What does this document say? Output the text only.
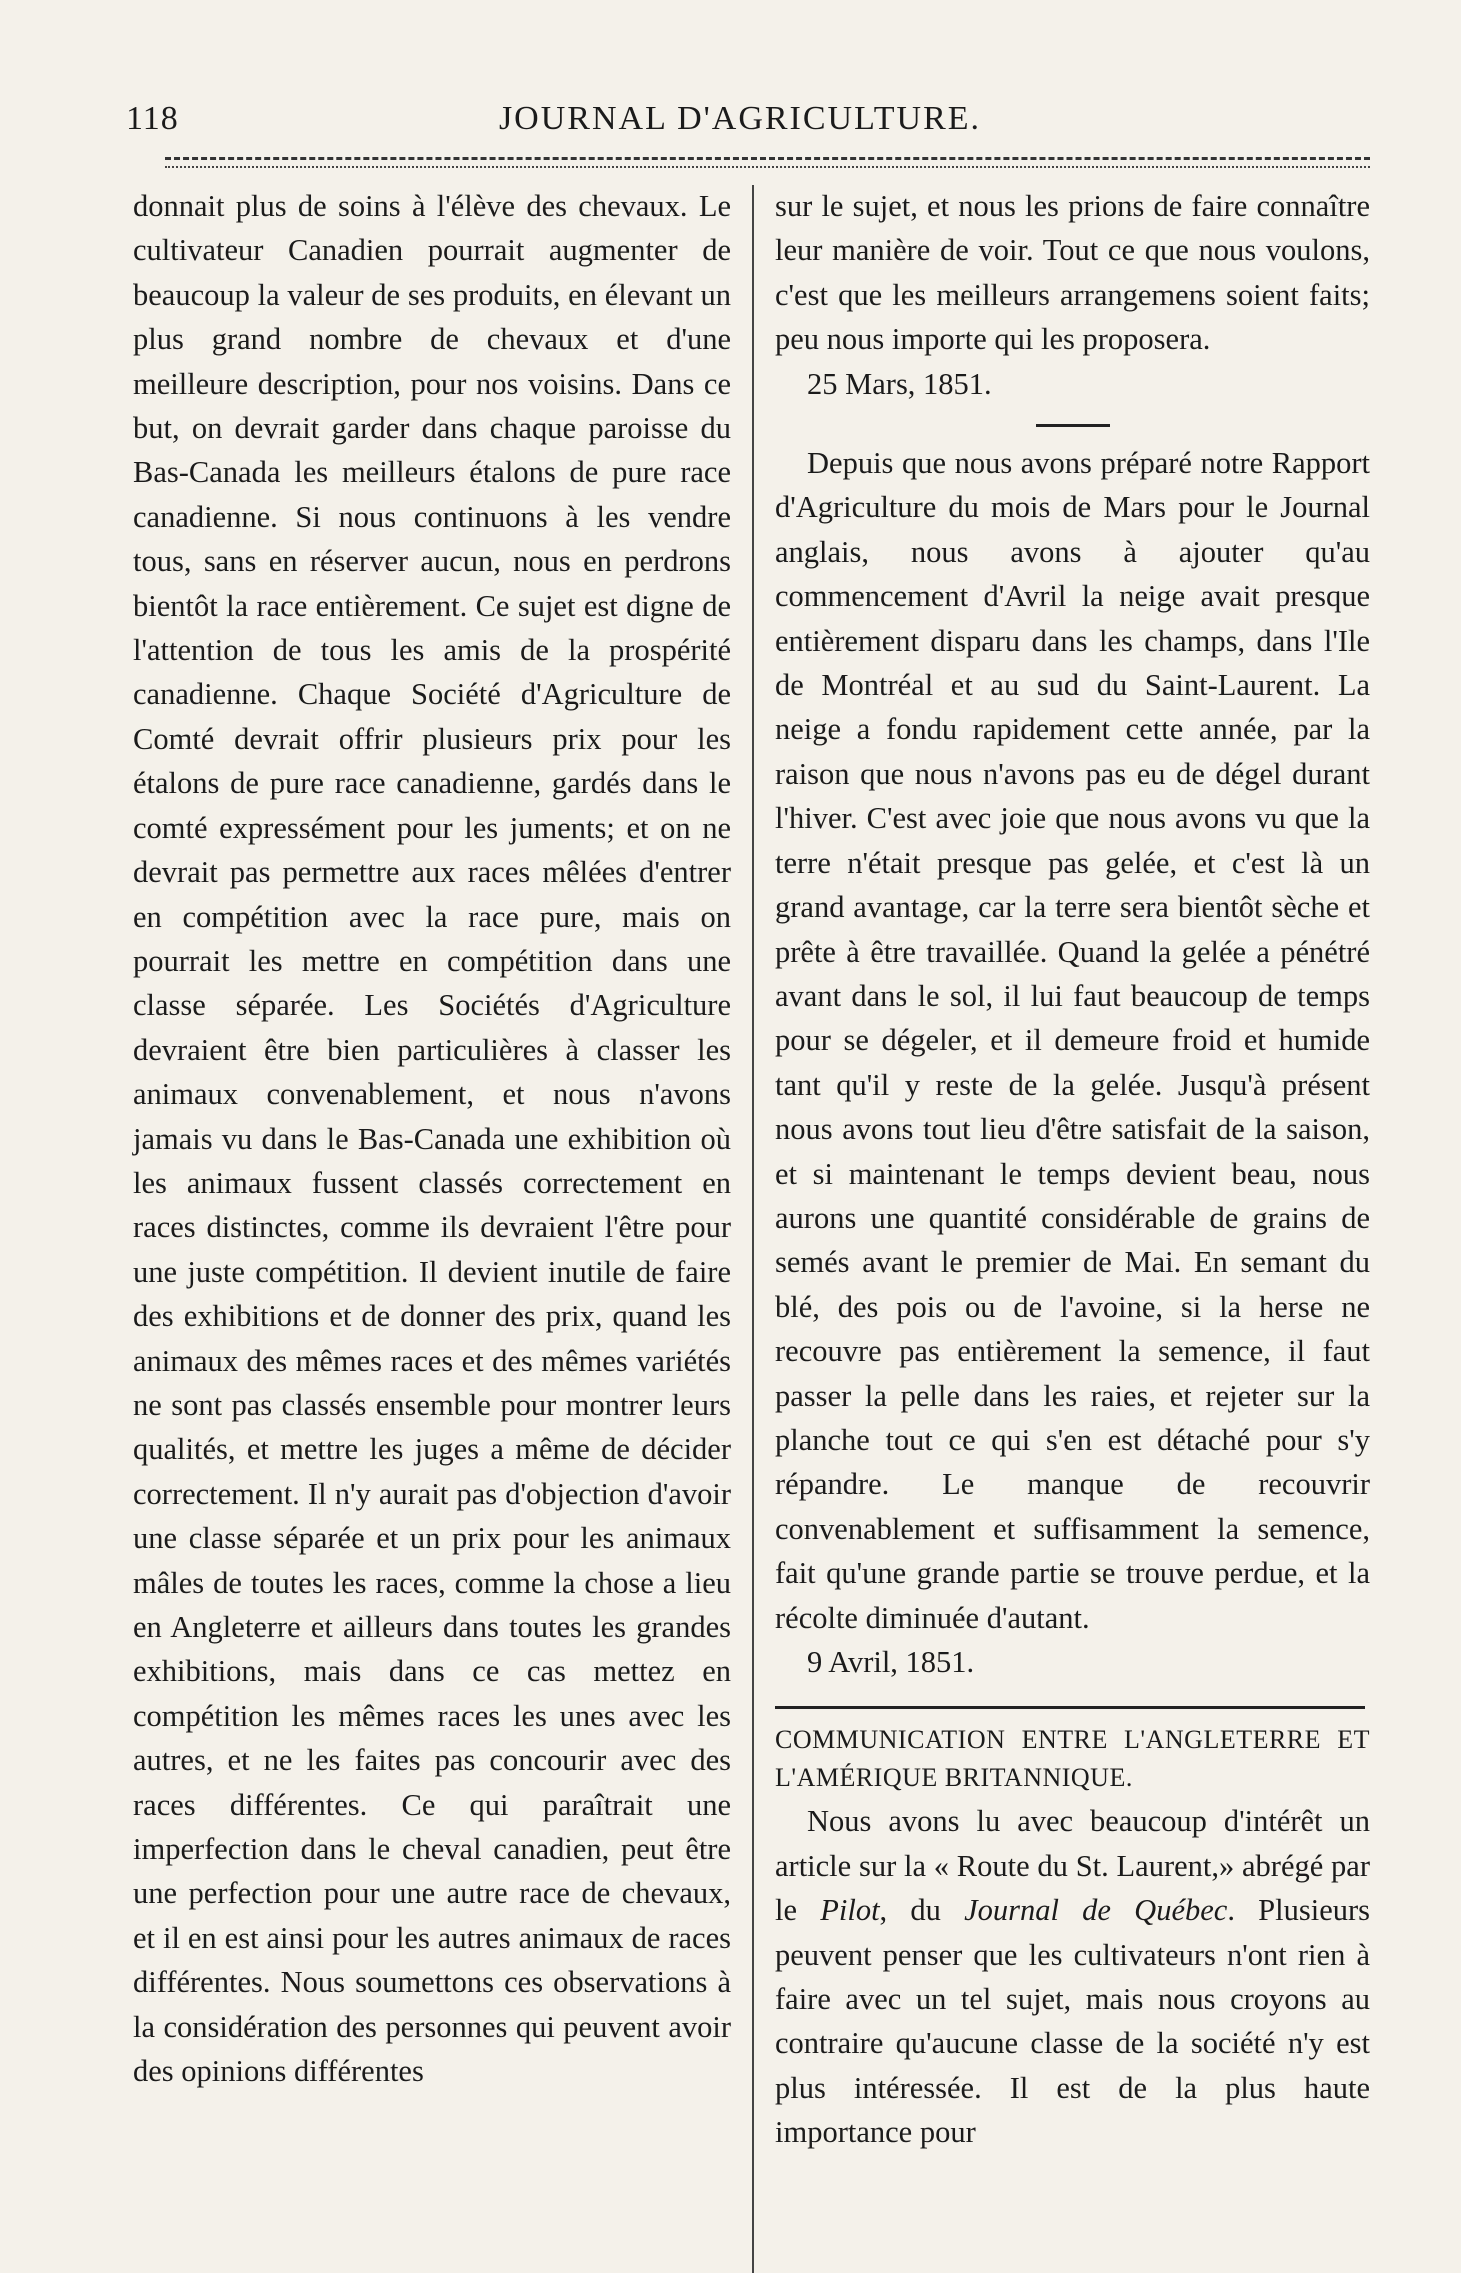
118	JOURNAL D'AGRICULTURE.

donnait plus de soins à l'élève des chevaux. Le cultivateur Canadien pourrait augmenter de beaucoup la valeur de ses produits, en élevant un plus grand nombre de chevaux et d'une meilleure description, pour nos voisins. Dans ce but, on devrait garder dans chaque paroisse du Bas-Canada les meilleurs étalons de pure race canadienne. Si nous continuons à les vendre tous, sans en réserver aucun, nous en perdrons bientôt la race entièrement. Ce sujet est digne de l'attention de tous les amis de la prospérité canadienne. Chaque Société d'Agriculture de Comté devrait offrir plusieurs prix pour les étalons de pure race canadienne, gardés dans le comté expressément pour les juments; et on ne devrait pas permettre aux races mêlées d'entrer en compétition avec la race pure, mais on pourrait les mettre en compétition dans une classe séparée. Les Sociétés d'Agriculture devraient être bien particulières à classer les animaux convenablement, et nous n'avons jamais vu dans le Bas-Canada une exhibition où les animaux fussent classés correctement en races distinctes, comme ils devraient l'être pour une juste compétition. Il devient inutile de faire des exhibitions et de donner des prix, quand les animaux des mêmes races et des mêmes variétés ne sont pas classés ensemble pour montrer leurs qualités, et mettre les juges a même de décider correctement. Il n'y aurait pas d'objection d'avoir une classe séparée et un prix pour les animaux mâles de toutes les races, comme la chose a lieu en Angleterre et ailleurs dans toutes les grandes exhibitions, mais dans ce cas mettez en compétition les mêmes races les unes avec les autres, et ne les faites pas concourir avec des races différentes. Ce qui paraîtrait une imperfection dans le cheval canadien, peut être une perfection pour une autre race de chevaux, et il en est ainsi pour les autres animaux de races différentes. Nous soumettons ces observations à la considération des personnes qui peuvent avoir des opinions différentes

sur le sujet, et nous les prions de faire connaître leur manière de voir. Tout ce que nous voulons, c'est que les meilleurs arrangemens soient faits; peu nous importe qui les proposera.

25 Mars, 1851.

Depuis que nous avons préparé notre Rapport d'Agriculture du mois de Mars pour le Journal anglais, nous avons à ajouter qu'au commencement d'Avril la neige avait presque entièrement disparu dans les champs, dans l'Ile de Montréal et au sud du Saint-Laurent. La neige a fondu rapidement cette année, par la raison que nous n'avons pas eu de dégel durant l'hiver. C'est avec joie que nous avons vu que la terre n'était presque pas gelée, et c'est là un grand avantage, car la terre sera bientôt sèche et prête à être travaillée. Quand la gelée a pénétré avant dans le sol, il lui faut beaucoup de temps pour se dégeler, et il demeure froid et humide tant qu'il y reste de la gelée. Jusqu'à présent nous avons tout lieu d'être satisfait de la saison, et si maintenant le temps devient beau, nous aurons une quantité considérable de grains de semés avant le premier de Mai. En semant du blé, des pois ou de l'avoine, si la herse ne recouvre pas entièrement la semence, il faut passer la pelle dans les raies, et rejeter sur la planche tout ce qui s'en est détaché pour s'y répandre. Le manque de recouvrir convenablement et suffisamment la semence, fait qu'une grande partie se trouve perdue, et la récolte diminuée d'autant.

9 Avril, 1851.

COMMUNICATION ENTRE L'ANGLETERRE ET L'AMÉRIQUE BRITANNIQUE.

Nous avons lu avec beaucoup d'intérêt un article sur la « Route du St. Laurent,» abrégé par le Pilot, du Journal de Québec. Plusieurs peuvent penser que les cultivateurs n'ont rien à faire avec un tel sujet, mais nous croyons au contraire qu'aucune classe de la société n'y est plus intéressée. Il est de la plus haute importance pour
